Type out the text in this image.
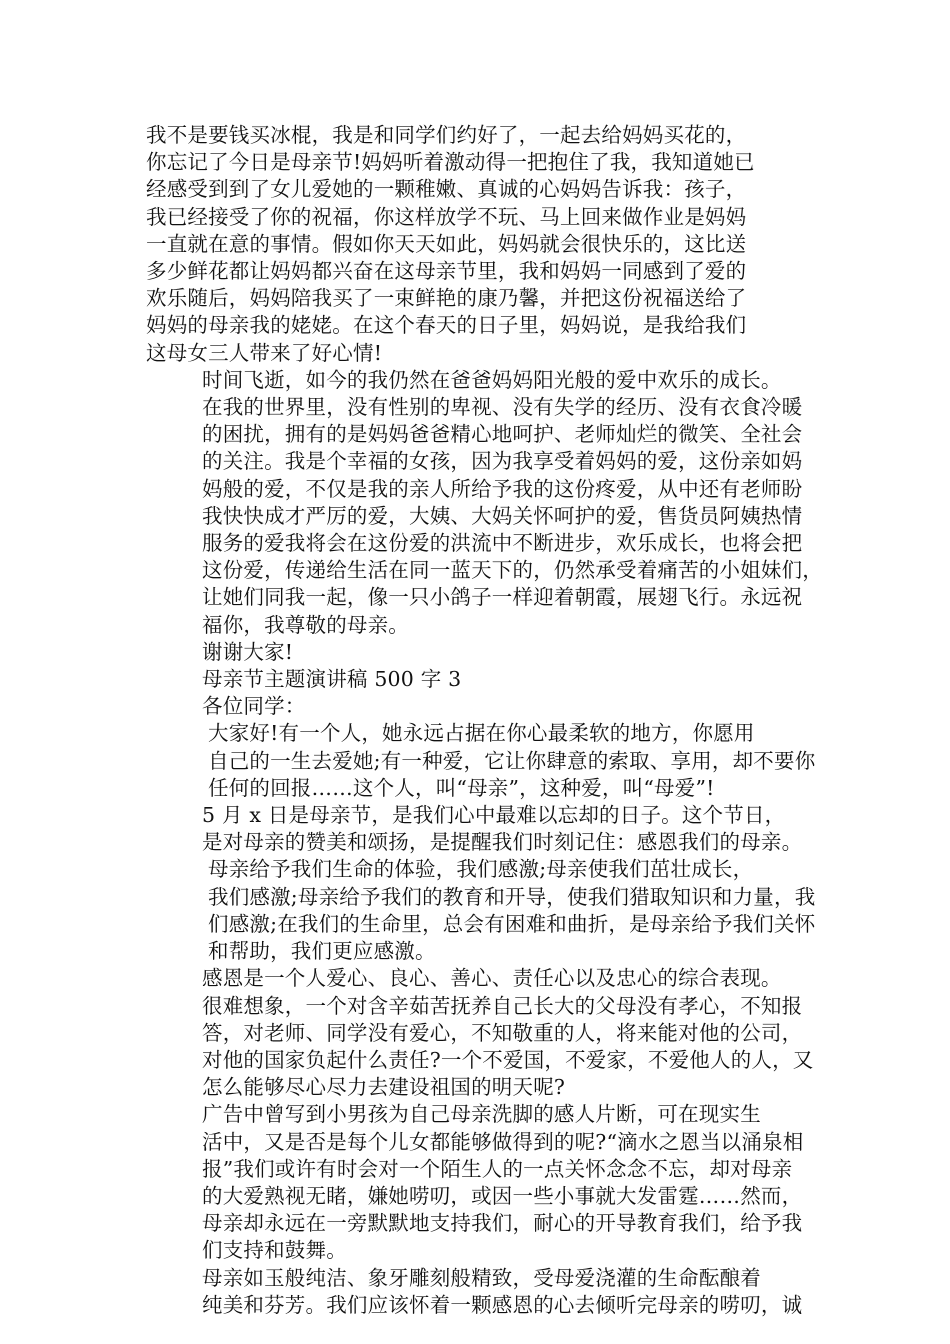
我不是要钱买冰棍，我是和同学们约好了，一起去给妈妈买花的，
你忘记了今日是母亲节!妈妈听着激动得一把抱住了我，我知道她已
经感受到到了女儿爱她的一颗稚嫩、真诚的心妈妈告诉我：孩子，
我已经接受了你的祝福，你这样放学不玩、马上回来做作业是妈妈
一直就在意的事情。假如你天天如此，妈妈就会很快乐的，这比送
多少鲜花都让妈妈都兴奋在这母亲节里，我和妈妈一同感到了爱的
欢乐随后，妈妈陪我买了一束鲜艳的康乃馨，并把这份祝福送给了
妈妈的母亲我的姥姥。在这个春天的日子里，妈妈说，是我给我们
这母女三人带来了好心情!

时间飞逝，如今的我仍然在爸爸妈妈阳光般的爱中欢乐的成长。
在我的世界里，没有性别的卑视、没有失学的经历、没有衣食冷暖
的困扰，拥有的是妈妈爸爸精心地呵护、老师灿烂的微笑、全社会
的关注。我是个幸福的女孩，因为我享受着妈妈的爱，这份亲如妈
妈般的爱，不仅是我的亲人所给予我的这份疼爱，从中还有老师盼
我快快成才严厉的爱，大姨、大妈关怀呵护的爱，售货员阿姨热情
服务的爱我将会在这份爱的洪流中不断进步，欢乐成长，也将会把
这份爱，传递给生活在同一蓝天下的，仍然承受着痛苦的小姐妹们，
让她们同我一起，像一只小鸽子一样迎着朝霞，展翅飞行。永远祝
福你，我尊敬的母亲。

谢谢大家!

母亲节主题演讲稿 500 字 3

各位同学：

大家好!有一个人，她永远占据在你心最柔软的地方，你愿用
自己的一生去爱她;有一种爱，它让你肆意的索取、享用，却不要你
任何的回报……这个人，叫“母亲”，这种爱，叫“母爱”!

5 月 x 日是母亲节，是我们心中最难以忘却的日子。这个节日，
是对母亲的赞美和颂扬，是提醒我们时刻记住：感恩我们的母亲。

母亲给予我们生命的体验，我们感激;母亲使我们茁壮成长，
我们感激;母亲给予我们的教育和开导，使我们猎取知识和力量，我
们感激;在我们的生命里，总会有困难和曲折，是母亲给予我们关怀
和帮助，我们更应感激。

感恩是一个人爱心、良心、善心、责任心以及忠心的综合表现。
很难想象，一个对含辛茹苦抚养自己长大的父母没有孝心，不知报
答，对老师、同学没有爱心，不知敬重的人，将来能对他的公司，
对他的国家负起什么责任?一个不爱国，不爱家，不爱他人的人，又
怎么能够尽心尽力去建设祖国的明天呢?

广告中曾写到小男孩为自己母亲洗脚的感人片断，可在现实生
活中，又是否是每个儿女都能够做得到的呢?“滴水之恩当以涌泉相
报”我们或许有时会对一个陌生人的一点关怀念念不忘，却对母亲
的大爱熟视无睹，嫌她唠叨，或因一些小事就大发雷霆……然而，
母亲却永远在一旁默默地支持我们，耐心的开导教育我们，给予我
们支持和鼓舞。

母亲如玉般纯洁、象牙雕刻般精致，受母爱浇灌的生命酝酿着
纯美和芬芳。我们应该怀着一颗感恩的心去倾听完母亲的唠叨，诚
